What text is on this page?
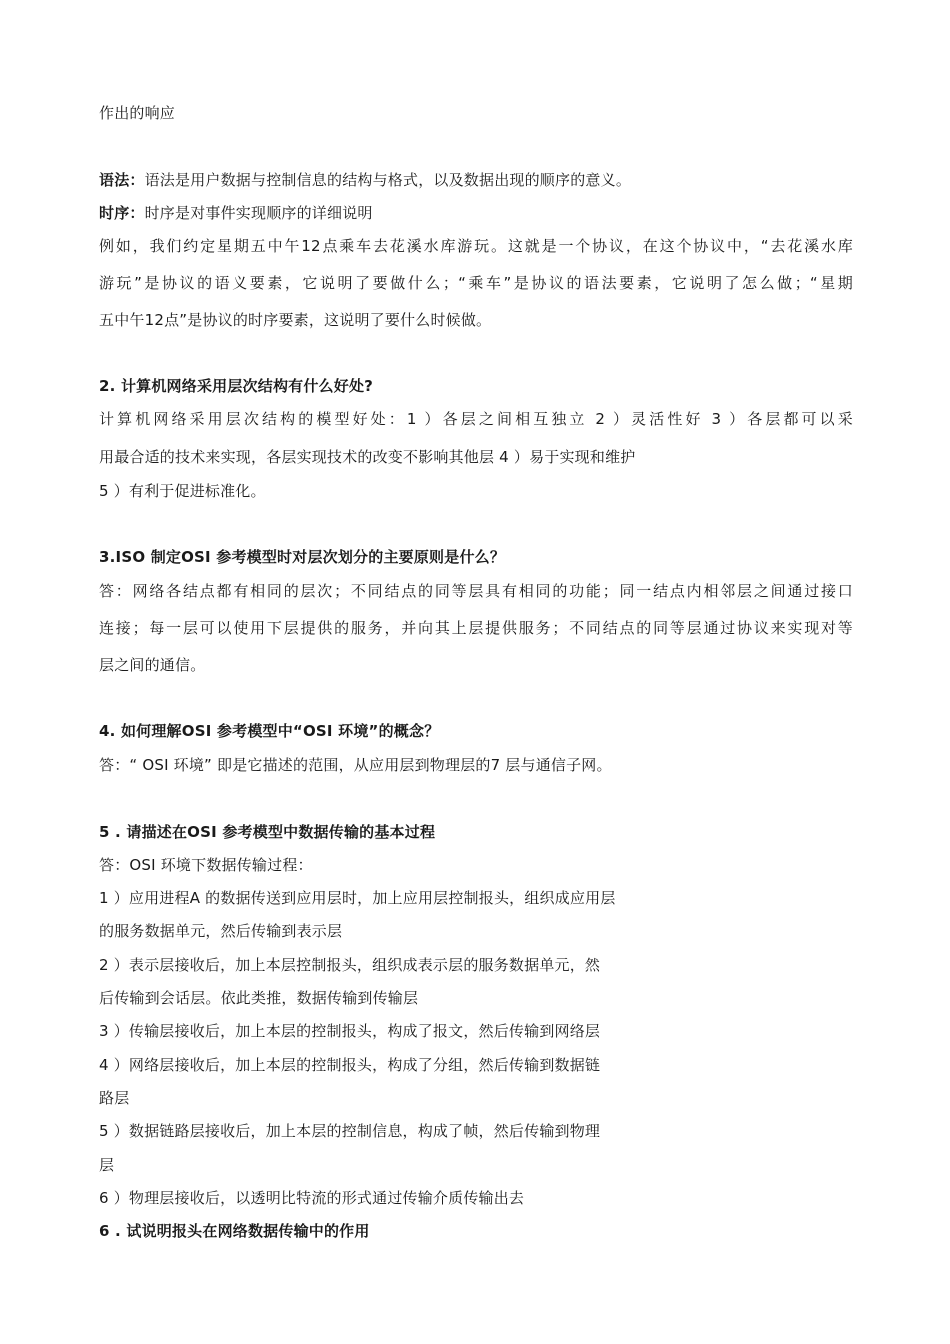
作出的响应
语法：语法是用户数据与控制信息的结构与格式，以及数据出现的顺序的意义。
时序：时序是对事件实现顺序的详细说明
例如，我们约定星期五中午12点乘车去花溪水库游玩。这就是一个协议，在这个协议中，“去花溪水库
游玩”是协议的语义要素，它说明了要做什么；“乘车”是协议的语法要素，它说明了怎么做；“星期
五中午12点”是协议的时序要素，这说明了要什么时候做。
2. 计算机网络采用层次结构有什么好处?
计算机网络采用层次结构的模型好处：1 ）各层之间相互独立 2 ）灵活性好 3 ）各层都可以采
用最合适的技术来实现，各层实现技术的改变不影响其他层 4 ）易于实现和维护
5 ）有利于促进标准化。
3.ISO 制定OSI 参考模型时对层次划分的主要原则是什么？
答：网络各结点都有相同的层次；不同结点的同等层具有相同的功能；同一结点内相邻层之间通过接口
连接；每一层可以使用下层提供的服务，并向其上层提供服务；不同结点的同等层通过协议来实现对等
层之间的通信。
4. 如何理解OSI 参考模型中“OSI 环境”的概念？
答：“ OSI 环境” 即是它描述的范围，从应用层到物理层的7 层与通信子网。
5 . 请描述在OSI 参考模型中数据传输的基本过程
答：OSI 环境下数据传输过程：
1 ）应用进程A 的数据传送到应用层时，加上应用层控制报头，组织成应用层
的服务数据单元，然后传输到表示层
2 ）表示层接收后，加上本层控制报头，组织成表示层的服务数据单元，然
后传输到会话层。依此类推，数据传输到传输层
3 ）传输层接收后，加上本层的控制报头，构成了报文，然后传输到网络层
4 ）网络层接收后，加上本层的控制报头，构成了分组，然后传输到数据链
路层
5 ）数据链路层接收后，加上本层的控制信息，构成了帧，然后传输到物理
层
6 ）物理层接收后，以透明比特流的形式通过传输介质传输出去
6 . 试说明报头在网络数据传输中的作用
